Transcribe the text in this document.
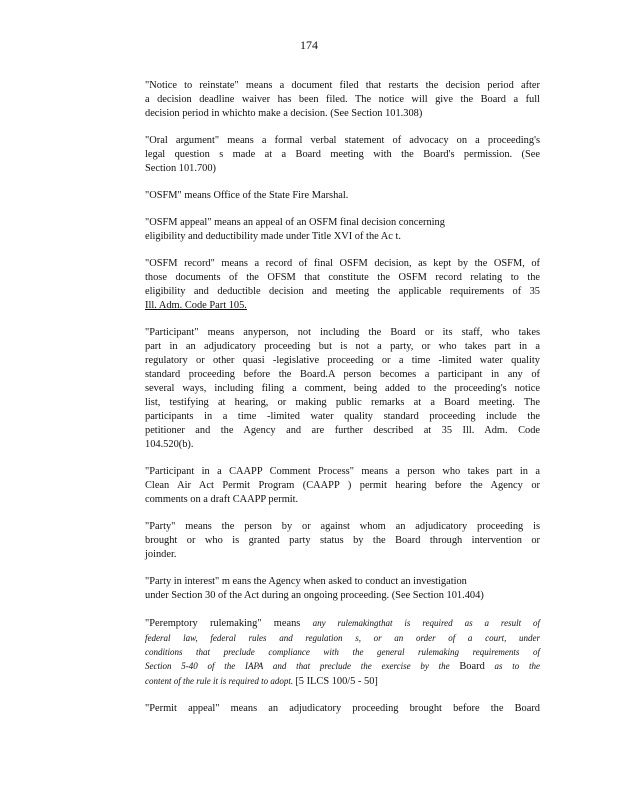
174

"Notice to reinstate" means a document filed that restarts the decision period after
a decision deadline waiver has been filed. The notice will give the Board a full
decision period in whichto make a decision. (See Section 101.308)

"Oral argument" means a formal verbal statement of advocacy on a proceeding's
legal question s made at a Board meeting with the Board's permission. (See
Section 101.700)

"OSFM" means Office of the State Fire Marshal.

"OSFM appeal" means an appeal of an OSFM final decision concerning
eligibility and deductibility made under Title XVI of the Ac t.

"OSFM record" means a record of final OSFM decision, as kept by the OSFM, of
those documents of the OFSM that constitute the OSFM record relating to the
eligibility and deductible decision and meeting the applicable requirements of 35
Ill. Adm. Code Part 105.

"Participant" means anyperson, not including the Board or its staff, who takes
part in an adjudicatory proceeding but is not a party, or who takes part in a
regulatory or other quasi -legislative proceeding or a time -limited water quality
standard proceeding before the Board.A person becomes a participant in any of
several ways, including filing a comment, being added to the proceeding's notice
list, testifying at hearing, or making public remarks at a Board meeting. The
participants in a time -limited water quality standard proceeding include the
petitioner and the Agency and are further described at 35 Ill. Adm. Code
104.520(b).

"Participant in a CAAPP Comment Process" means a person who takes part in a
Clean Air Act Permit Program (CAAPP ) permit hearing before the Agency or
comments on a draft CAAPP permit.

"Party" means the person by or against whom an adjudicatory proceeding is
brought or who is granted party status by the Board through intervention or
joinder.

"Party in interest" m eans the Agency when asked to conduct an investigation
under Section 30 of the Act during an ongoing proceeding. (See Section 101.404)

"Peremptory rulemaking" means any rulemakingthat is required as a result of
federal law, federal rules and regulation s, or an order of a court, under
conditions that preclude compliance with the general rulemaking requirements of
Section 5-40 of the IAPA and that preclude the exercise by the Board as to the
content of the rule it is required to adopt. [5 ILCS 100/5 - 50]

"Permit appeal" means an adjudicatory proceeding brought before the Board
